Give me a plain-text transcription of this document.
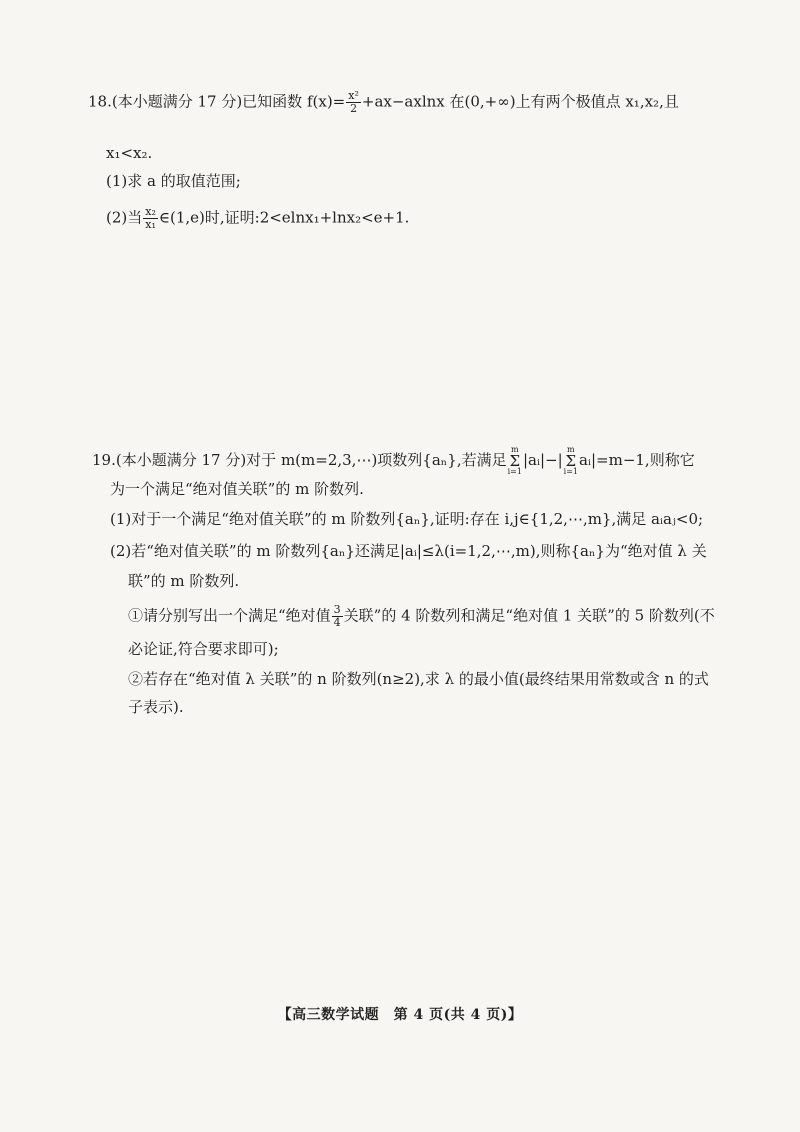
18.(本小题满分 17 分)已知函数 $f(x)= \frac{\text{x²}}{2} +ax-axlnx$ 在(0,+∞)上有两个极值点 x₁,x₂,且
x₁<x₂.
(1)求 a 的取值范围;
(2)当 $\frac{\text{x₂}}{\text{x₁}}$ ∈(1,e)时,证明:2<elnx₁+lnx₂<e+1.
19.(本小题满分 17 分)对于 m(m=2,3,⋯)项数列{aₙ},若满足
m
Σ
i=1
|aᵢ|−|
m
Σ
i=1
aᵢ|=m−1,则称它
为一个满足“绝对值关联”的 m 阶数列.
(1)对于一个满足“绝对值关联”的 m 阶数列{aₙ},证明:存在 i,j∈{1,2,⋯,m},满足 aᵢaⱼ<0;
(2)若“绝对值关联”的 m 阶数列{aₙ}还满足|aᵢ|≤λ(i=1,2,⋯,m),则称{aₙ}为“绝对值 λ 关
联”的 m 阶数列.
①请分别写出一个满足“绝对值 $\frac{3}{4}$ 关联”的 4 阶数列和满足“绝对值 1 关联”的 5 阶数列(不
必论证,符合要求即可);
②若存在“绝对值 λ 关联”的 n 阶数列(n≥2),求 λ 的最小值(最终结果用常数或含 n 的式
子表示).
【高三数学试题　第 4 页(共 4 页)】
